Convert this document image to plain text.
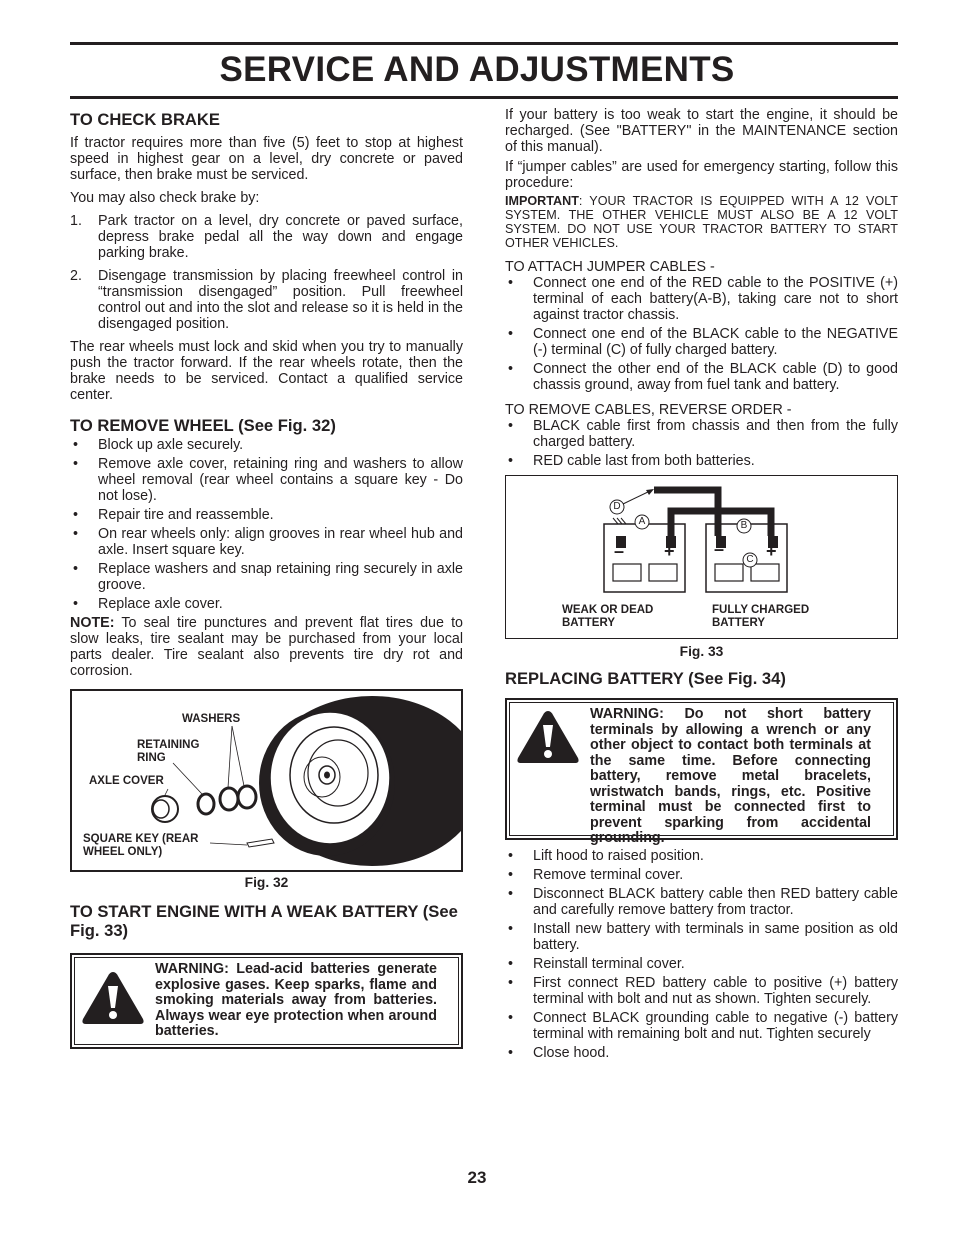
SERVICE AND ADJUSTMENTS
TO CHECK BRAKE

If tractor requires more than five (5) feet to stop at highest speed in highest gear on a level, dry concrete or paved surface, then brake must be serviced.

You may also check brake by:

1. Park tractor on a level, dry concrete or paved surface, depress brake pedal all the way down and engage parking brake.
2. Disengage transmission by placing freewheel control in “transmission disengaged” position. Pull freewheel control out and into the slot and release so it is held in the disengaged position.

The rear wheels must lock and skid when you try to manually push the tractor forward. If the rear wheels rotate, then the brake needs to be serviced. Contact a qualified service center.

TO REMOVE WHEEL (See Fig. 32)
• Block up axle securely.
• Remove axle cover, retaining ring and washers to allow wheel removal (rear wheel contains a square key - Do not lose).
• Repair tire and reassemble.
• On rear wheels only: align grooves in rear wheel hub and axle. Insert square key.
• Replace washers and snap retaining ring securely in axle groove.
• Replace axle cover.

NOTE: To seal tire punctures and prevent flat tires due to slow leaks, tire sealant may be purchased from your local parts dealer. Tire sealant also prevents tire dry rot and corrosion.

WASHERS
RETAINING RING
AXLE COVER
SQUARE KEY (REAR WHEEL ONLY)
Fig. 32
TO START ENGINE WITH A WEAK BATTERY (See Fig. 33)
WARNING: Lead-acid batteries generate explosive gases. Keep sparks, flame and smoking materials away from batteries. Always wear eye protection when around batteries.

If your battery is too weak to start the engine, it should be recharged. (See "BATTERY" in the MAINTENANCE section of this manual).

If “jumper cables” are used for emergency starting, follow this procedure:

IMPORTANT: YOUR TRACTOR IS EQUIPPED WITH A 12 VOLT SYSTEM. THE OTHER VEHICLE MUST ALSO BE A 12 VOLT SYSTEM. DO NOT USE YOUR TRACTOR BATTERY TO START OTHER VEHICLES.

TO ATTACH JUMPER CABLES -

• Connect one end of the RED cable to the POSITIVE (+) terminal of each battery(A-B), taking care not to short against tractor chassis.
• Connect one end of the BLACK cable to the NEGATIVE (-) terminal (C) of fully charged battery.
• Connect the other end of the BLACK cable (D) to good chassis ground, away from fuel tank and battery.

TO REMOVE CABLES, REVERSE ORDER -

• BLACK cable first from chassis and then from the fully charged battery.
• RED cable last from both batteries.
D
A	B
C
– + – +
WEAK OR DEAD BATTERY
FULLY CHARGED BATTERY
Fig. 33
REPLACING BATTERY (See Fig. 34)
WARNING: Do not short battery terminals by allowing a wrench or any other object to contact both terminals at the same time. Before connecting battery, remove metal bracelets, wristwatch bands, rings, etc. Positive terminal must be connected first to prevent sparking from accidental grounding.
• Lift hood to raised position.
• Remove terminal cover.
• Disconnect BLACK battery cable then RED battery cable and carefully remove battery from tractor.
• Install new battery with terminals in same position as old battery.
• Reinstall terminal cover.
• First connect RED battery cable to positive (+) battery terminal with bolt and nut as shown. Tighten securely.
• Connect BLACK grounding cable to negative (-) battery terminal with remaining bolt and nut. Tighten securely
• Close hood.
23
